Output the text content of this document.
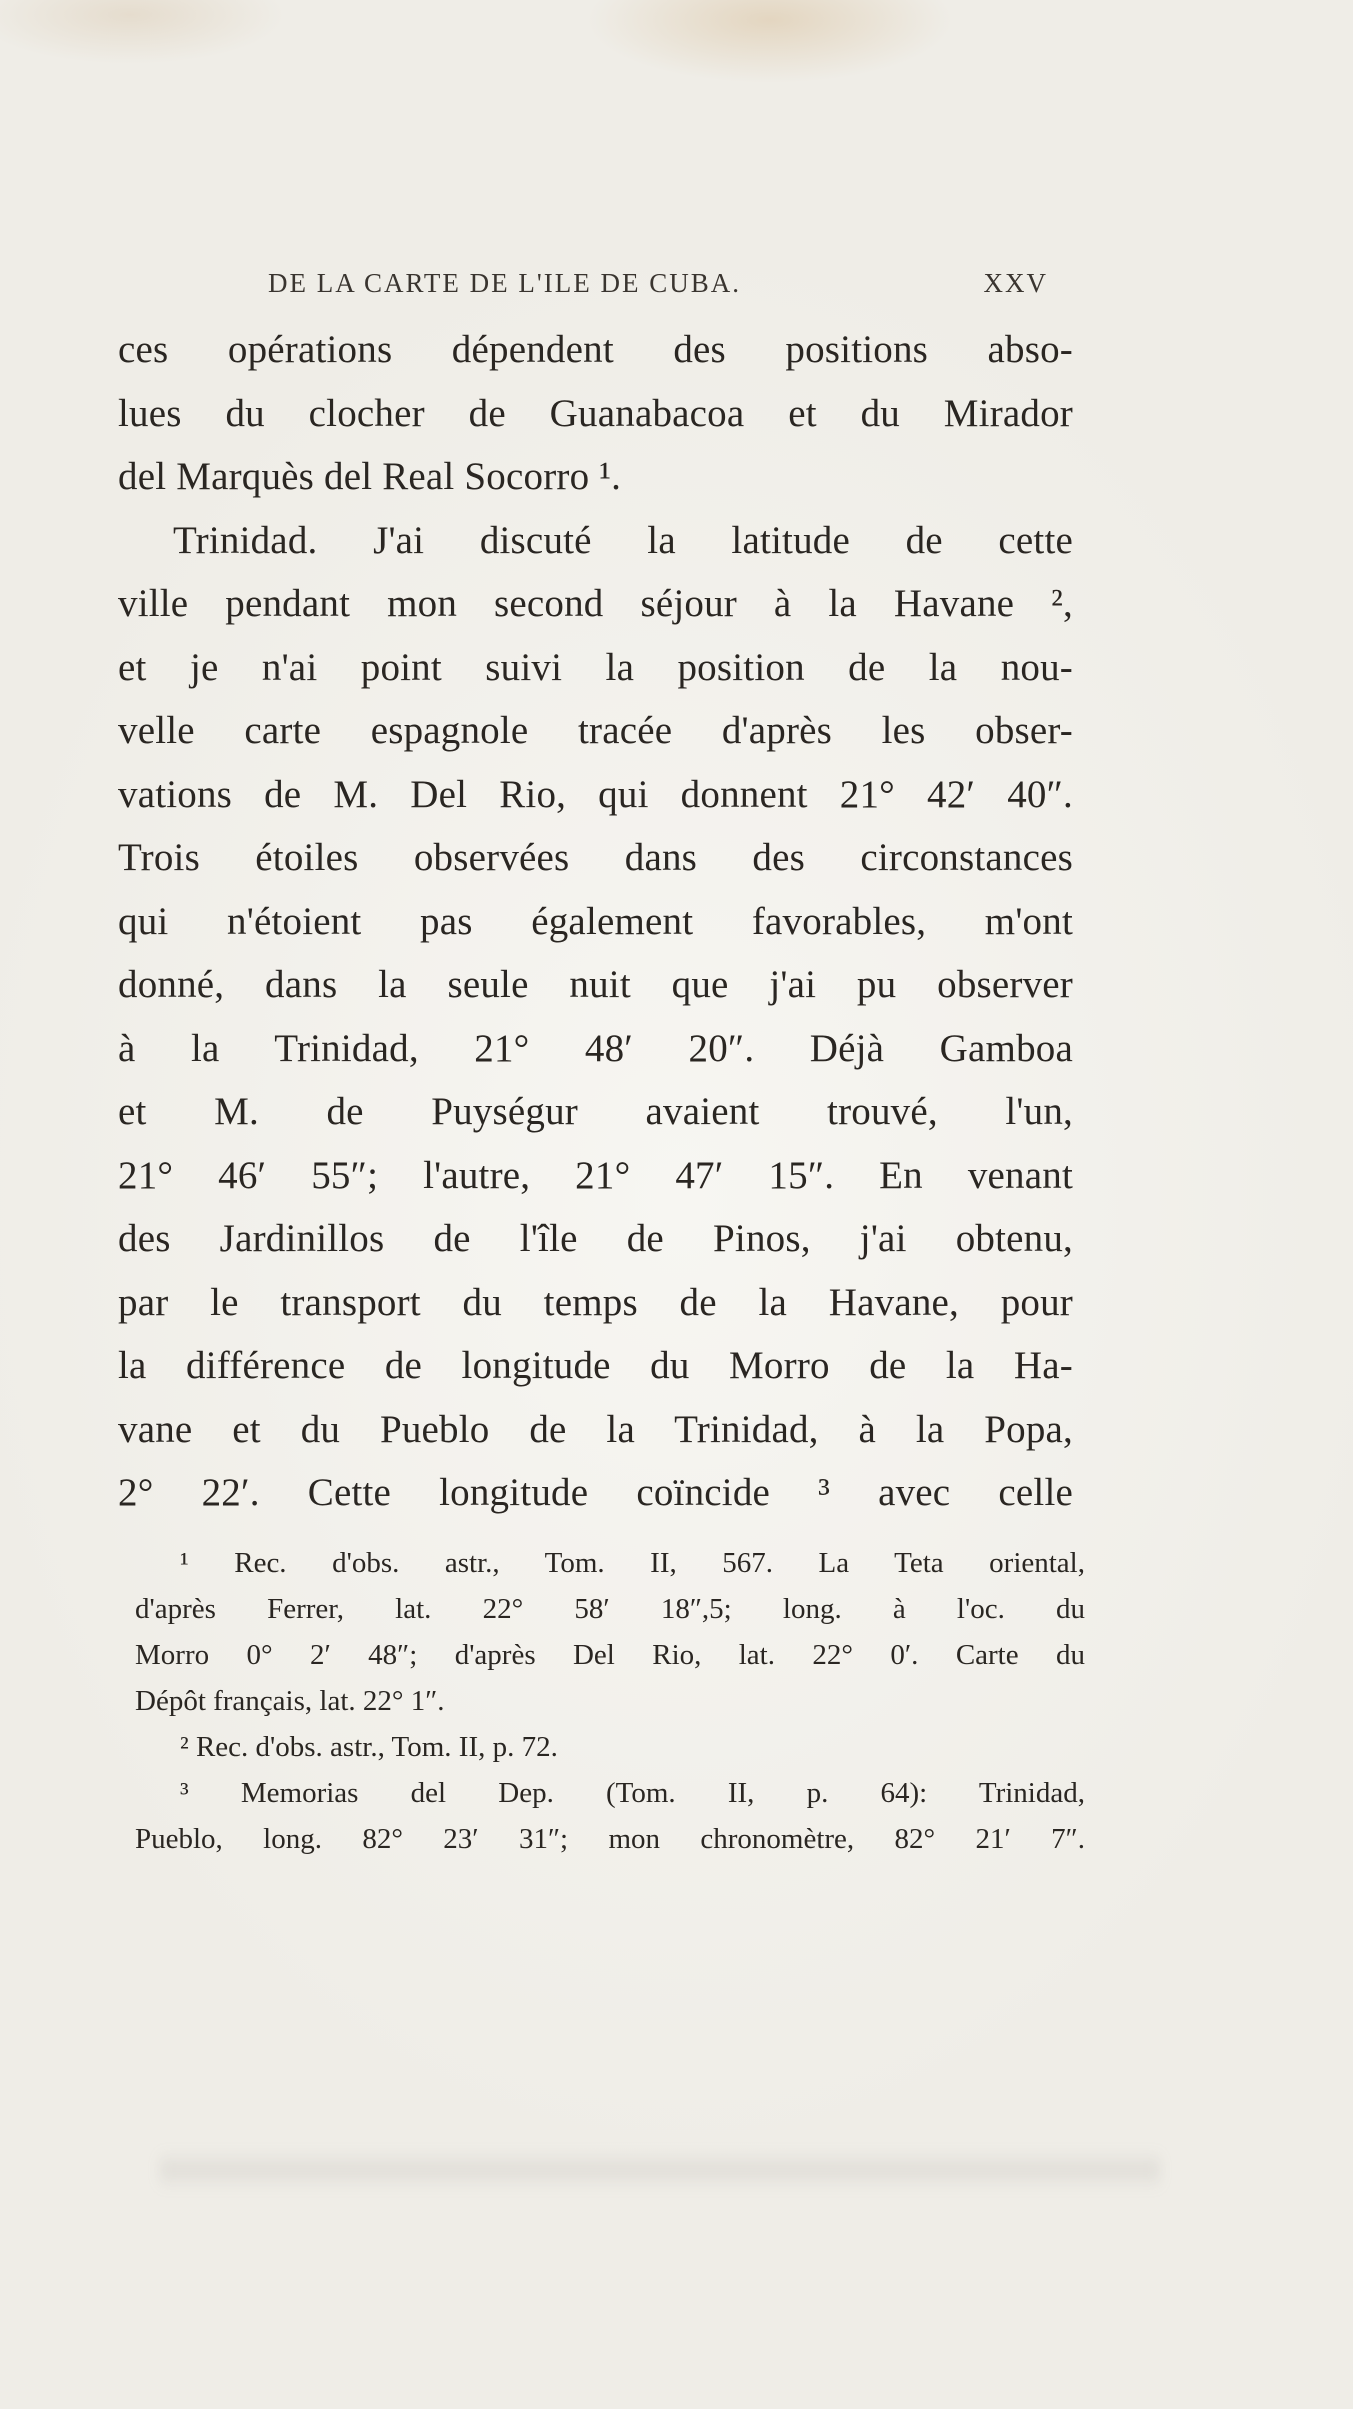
DE LA CARTE DE L'ILE DE CUBA.	XXV
ces opérations dépendent des positions abso-
lues du clocher de Guanabacoa et du Mirador
del Marquès del Real Socorro ¹.
Trinidad. J'ai discuté la latitude de cette
ville pendant mon second séjour à la Havane ²,
et je n'ai point suivi la position de la nou-
velle carte espagnole tracée d'après les obser-
vations de M. Del Rio, qui donnent 21° 42′ 40″.
Trois étoiles observées dans des circonstances
qui n'étoient pas également favorables, m'ont
donné, dans la seule nuit que j'ai pu observer
à la Trinidad, 21° 48′ 20″. Déjà Gamboa
et M. de Puységur avaient trouvé, l'un,
21° 46′ 55″; l'autre, 21° 47′ 15″. En venant
des Jardinillos de l'île de Pinos, j'ai obtenu,
par le transport du temps de la Havane, pour
la différence de longitude du Morro de la Ha-
vane et du Pueblo de la Trinidad, à la Popa,
2° 22′. Cette longitude coïncide ³ avec celle
¹ Rec. d'obs. astr., Tom. II, 567. La Teta oriental,
d'après Ferrer, lat. 22° 58′ 18″,5; long. à l'oc. du
Morro 0° 2′ 48″; d'après Del Rio, lat. 22° 0′. Carte du
Dépôt français, lat. 22° 1″.
² Rec. d'obs. astr., Tom. II, p. 72.
³ Memorias del Dep. (Tom. II, p. 64): Trinidad,
Pueblo, long. 82° 23′ 31″; mon chronomètre, 82° 21′ 7″.
